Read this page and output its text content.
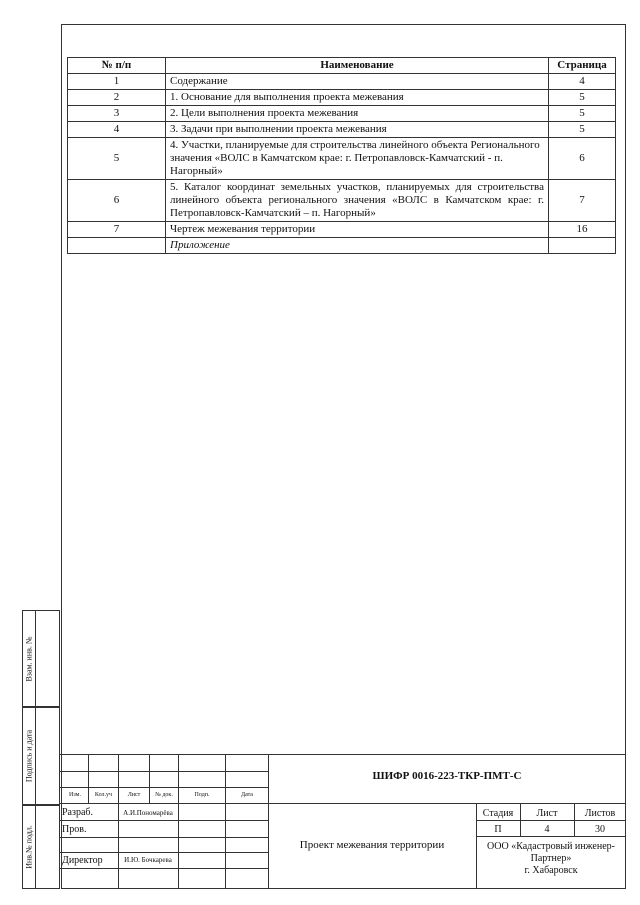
№ п/п	Наименование	Страница
1	Содержание	4
2	1. Основание для выполнения проекта межевания	5
3	2. Цели выполнения проекта межевания	5
4	3. Задачи при выполнении проекта межевания	5
5	4. Участки, планируемые для строительства линейного объекта Регионального значения «ВОЛС в Камчатском крае: г. Петропавловск-Камчатский - п. Нагорный»	6
6	5. Каталог координат земельных участков, планируемых для строительства линейного объекта регионального значения «ВОЛС в Камчатском крае: г. Петропавловск-Камчатский – п. Нагорный»	7
7	Чертеж межевания территории	16
	Приложение	
Взам. инв. №
Подпись и дата
Инв.№ подл.
Изм.	Кол.уч	Лист	№ док.	Подп.	Дата
ШИФР 0016-223-ТКР-ПМТ-С
Разраб.	А.И.Пономарёва
Пров.
Директор	И.Ю. Бочкарева
Проект межевания территории
Стадия	Лист	Листов
П	4	30
ООО «Кадастровый инженер-
Партнер»
г. Хабаровск
